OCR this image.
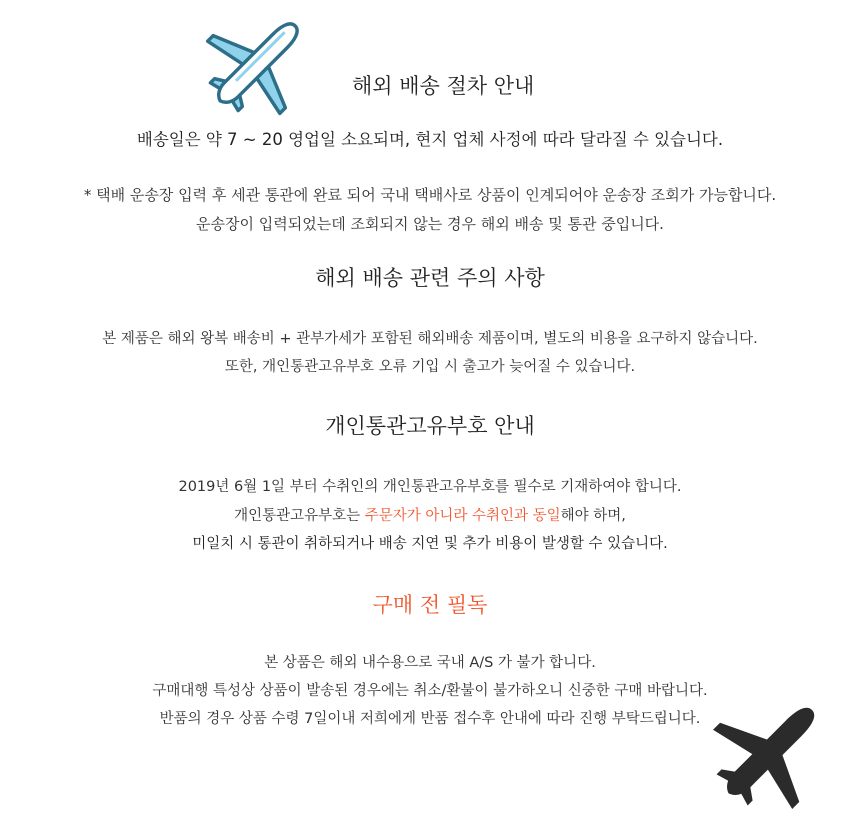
해외 배송 절차 안내
배송일은 약 7 ~ 20 영업일 소요되며, 현지 업체 사정에 따라 달라질 수 있습니다.
* 택배 운송장 입력 후 세관 통관에 완료 되어 국내 택배사로 상품이 인계되어야 운송장 조회가 가능합니다.
운송장이 입력되었는데 조회되지 않는 경우 해외 배송 및 통관 중입니다.
해외 배송 관련 주의 사항
본 제품은 해외 왕복 배송비 + 관부가세가 포함된 해외배송 제품이며, 별도의 비용을 요구하지 않습니다.
또한, 개인통관고유부호 오류 기입 시 출고가 늦어질 수 있습니다.
개인통관고유부호 안내
2019년 6월 1일 부터 수취인의 개인통관고유부호를 필수로 기재하여야 합니다.
개인통관고유부호는 주문자가 아니라 수취인과 동일해야 하며,
미일치 시 통관이 취하되거나 배송 지연 및 추가 비용이 발생할 수 있습니다.
구매 전 필독
본 상품은 해외 내수용으로 국내 A/S 가 불가 합니다.
구매대행 특성상 상품이 발송된 경우에는 취소/환불이 불가하오니 신중한 구매 바랍니다.
반품의 경우 상품 수령 7일이내 저희에게 반품 접수후 안내에 따라 진행 부탁드립니다.
